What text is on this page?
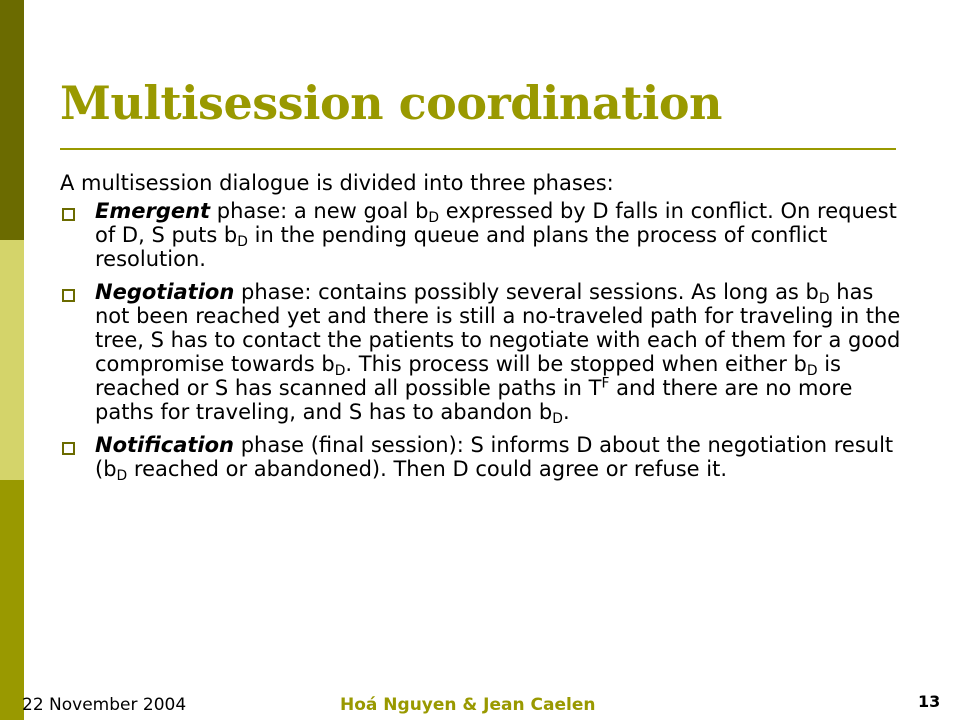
Multisession coordination

A multisession dialogue is divided into three phases:

Emergent phase: a new goal $b_D$ expressed by D falls in conflict. On request of D, S puts $b_D$ in the pending queue and plans the process of conflict resolution.
Negotiation phase: contains possibly several sessions. As long as $b_D$ has not been reached yet and there is still a no-traveled path for traveling in the tree, S has to contact the patients to negotiate with each of them for a good compromise towards $b_D$. This process will be stopped when either $b_D$ is reached or S has scanned all possible paths in $T^F$ and there are no more paths for traveling, and S has to abandon $b_D$.
Notification phase (final session): S informs D about the negotiation result ($b_D$ reached or abandoned). Then D could agree or refuse it.
22 November 2004	Hoá Nguyen & Jean Caelen	13
